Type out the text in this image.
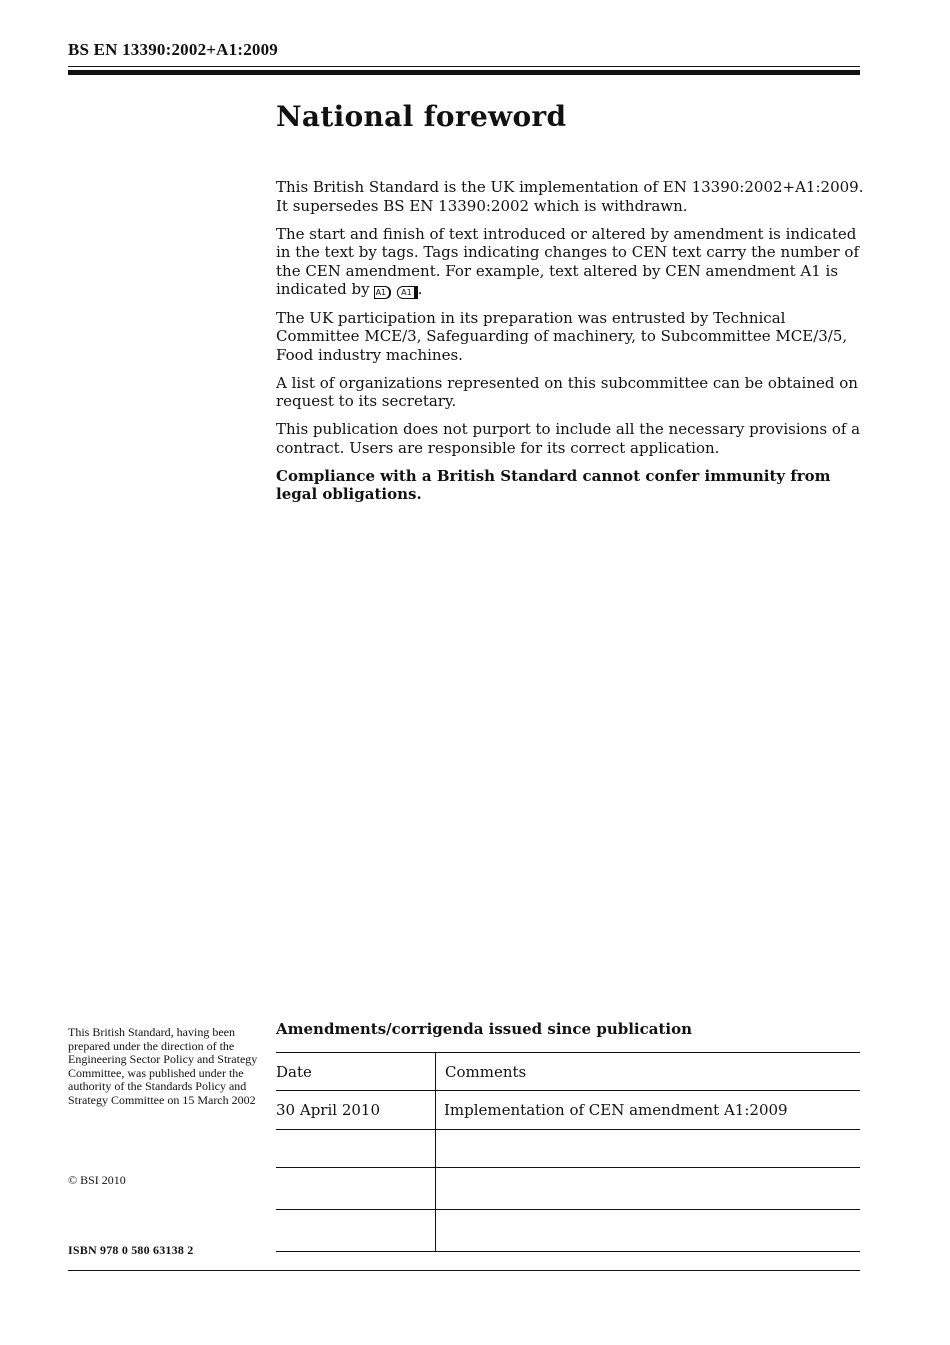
BS EN 13390:2002+A1:2009
National foreword

This British Standard is the UK implementation of EN 13390:2002+A1:2009. It supersedes BS EN 13390:2002 which is withdrawn.

The start and finish of text introduced or altered by amendment is indicated in the text by tags. Tags indicating changes to CEN text carry the number of the CEN amendment. For example, text altered by CEN amendment A1 is indicated by A1 A1 .

The UK participation in its preparation was entrusted by Technical Committee MCE/3, Safeguarding of machinery, to Subcommittee MCE/3/5, Food industry machines.

A list of organizations represented on this subcommittee can be obtained on request to its secretary.

This publication does not purport to include all the necessary provisions of a contract. Users are responsible for its correct application.

Compliance with a British Standard cannot confer immunity from legal obligations.

This British Standard, having been prepared under the direction of the Engineering Sector Policy and Strategy Committee, was published under the authority of the Standards Policy and Strategy Committee on 15 March 2002
© BSI 2010
ISBN 978 0 580 63138 2
Amendments/corrigenda issued since publication
Date	Comments
30 April 2010	Implementation of CEN amendment A1:2009
